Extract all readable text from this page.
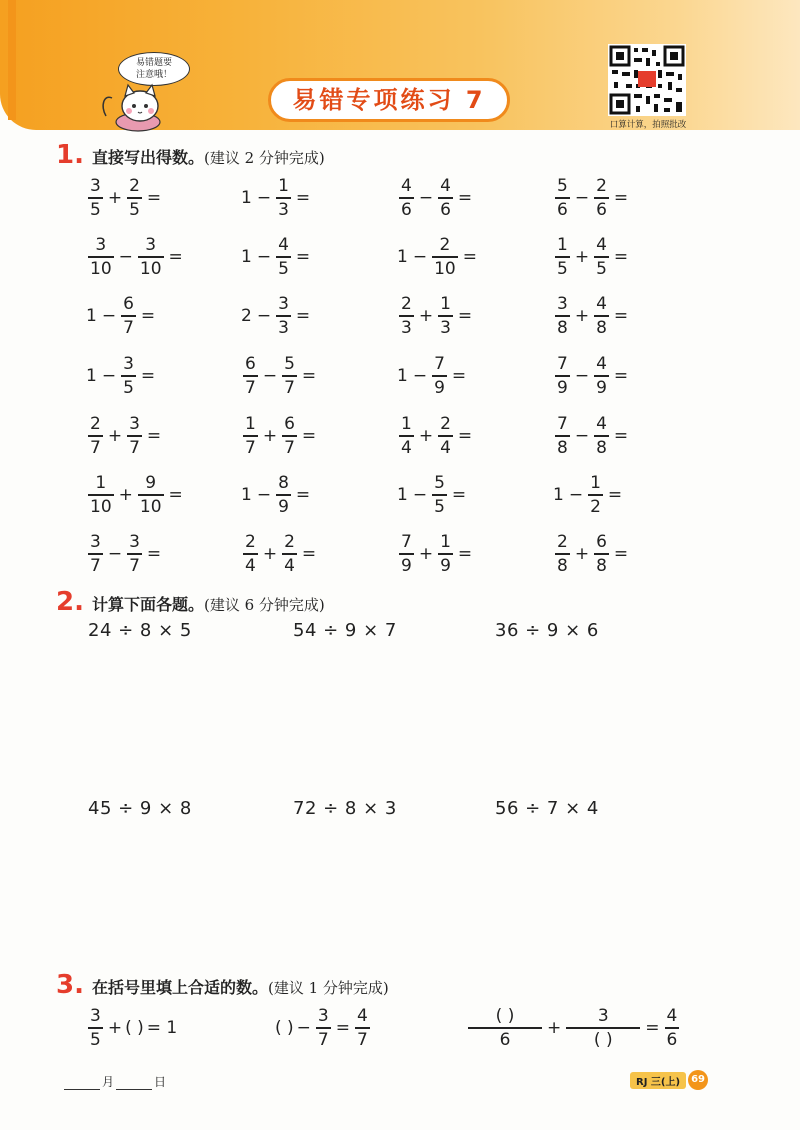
易错题要
注意哦！
易错专项练习 7
口算计算，拍照批改
1. 直接写出得数。 (建议 2 分钟完成)
$\frac{3}{5} + \frac{2}{5}$ =	$1 - \frac{1}{3}$ =	$\frac{4}{6} - \frac{4}{6}$ =	$\frac{5}{6} - \frac{2}{6}$ =
$\frac{3}{10} - \frac{3}{10}$ =	$1 - \frac{4}{5}$ =	$1 - \frac{2}{10}$ =	$\frac{1}{5} + \frac{4}{5}$ =
$1 - \frac{6}{7}$ =	$2 - \frac{3}{3}$ =	$\frac{2}{3} + \frac{1}{3}$ =	$\frac{3}{8} + \frac{4}{8}$ =
$1 - \frac{3}{5}$ =	$\frac{6}{7} - \frac{5}{7}$ =	$1 - \frac{7}{9}$ =	$\frac{7}{9} - \frac{4}{9}$ =
$\frac{2}{7} + \frac{3}{7}$ =	$\frac{1}{7} + \frac{6}{7}$ =	$\frac{1}{4} + \frac{2}{4}$ =	$\frac{7}{8} - \frac{4}{8}$ =
$\frac{1}{10} + \frac{9}{10}$ =	$1 - \frac{8}{9}$ =	$1 - \frac{5}{5}$ =	$1 - \frac{1}{2}$ =
$\frac{3}{7} - \frac{3}{7}$ =	$\frac{2}{4} + \frac{2}{4}$ =	$\frac{7}{9} + \frac{1}{9}$ =	$\frac{2}{8} + \frac{6}{8}$ =
2. 计算下面各题。 (建议 6 分钟完成)
24 ÷ 8 × 5	54 ÷ 9 × 7	36 ÷ 9 × 6
45 ÷ 9 × 8	72 ÷ 8 × 3	56 ÷ 7 × 4
3. 在括号里填上合适的数。 (建议 1 分钟完成)
$\frac{3}{5}$ + ( ) = 1	( ) − $\frac{3}{7} = \frac{4}{7}$	$\frac{( )}{6} + \frac{3}{( )} = \frac{4}{6}$
月	日	RJ 三(上)	69
